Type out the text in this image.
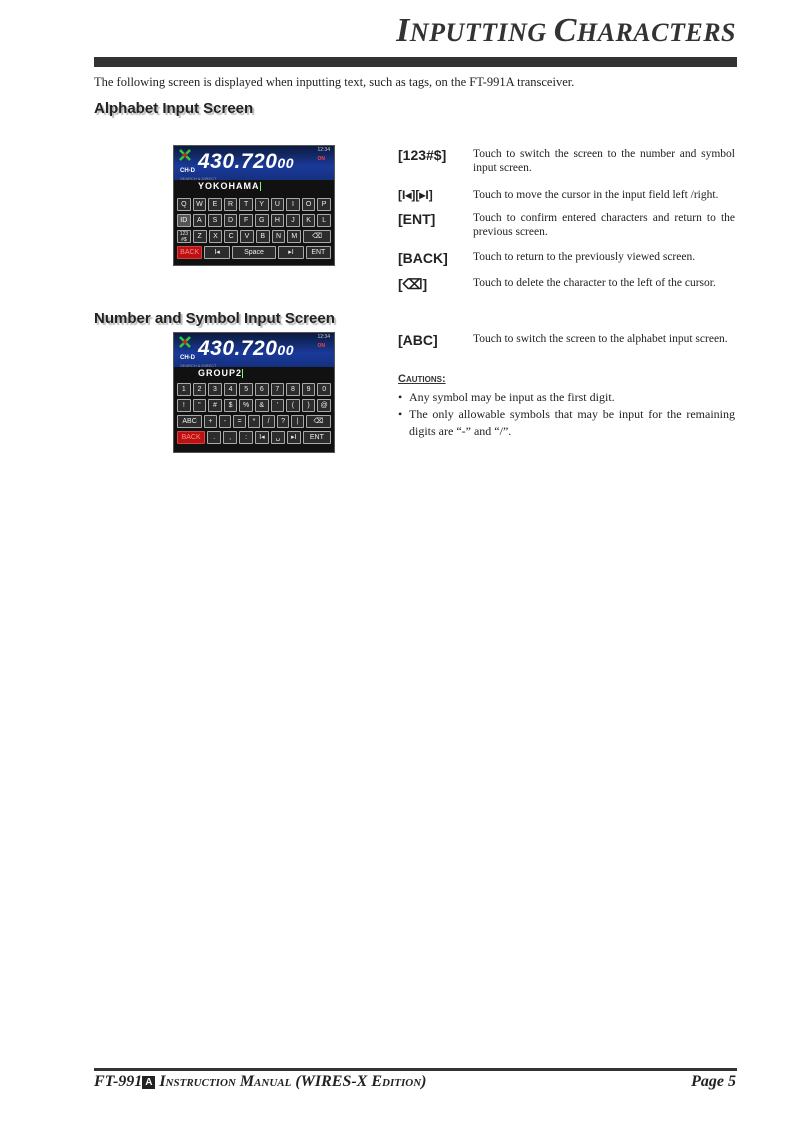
INPUTTING CHARACTERS
The following screen is displayed when inputting text, such as tags, on the FT-991A transceiver.
Alphabet Input Screen
12:34
430.72000	ON
CH-D
SEARCH & DIRECT
YOKOHAMA
Q	W	E	R	T	Y	U	I	O	P
ID	A	S	D	F	G	H	J	K	L
123 #$	Z	X	C	V	B	N	M	⌫
BACK	I◂	Space	▸I	ENT
Number and Symbol Input Screen
12:34
430.72000	ON
CH-D
SEARCH & DIRECT
GROUP2
1	2	3	4	5	6	7	8	9	0
!	"	#	$	%	&	'	(	)	@
ABC	+	-	=	*	/	?	|	⌫
BACK	.	,	:	I◂	␣	▸I	ENT
[123#$] Touch to switch the screen to the number and symbol input screen.
[I◂][▸I]	Touch to move the cursor in the input field left /right.
[ENT]	Touch to confirm entered characters and return to the previous screen.
[BACK] Touch to return to the previously viewed screen.
[⌫]	Touch to delete the character to the left of the cursor.
[ABC]	Touch to switch the screen to the alphabet input screen.
Cautions:
• Any symbol may be input as the first digit.
• The only allowable symbols that may be input for the remaining digits are “-” and “/”.
FT-991 A Instruction Manual (WIRES-X Edition)	Page 5
